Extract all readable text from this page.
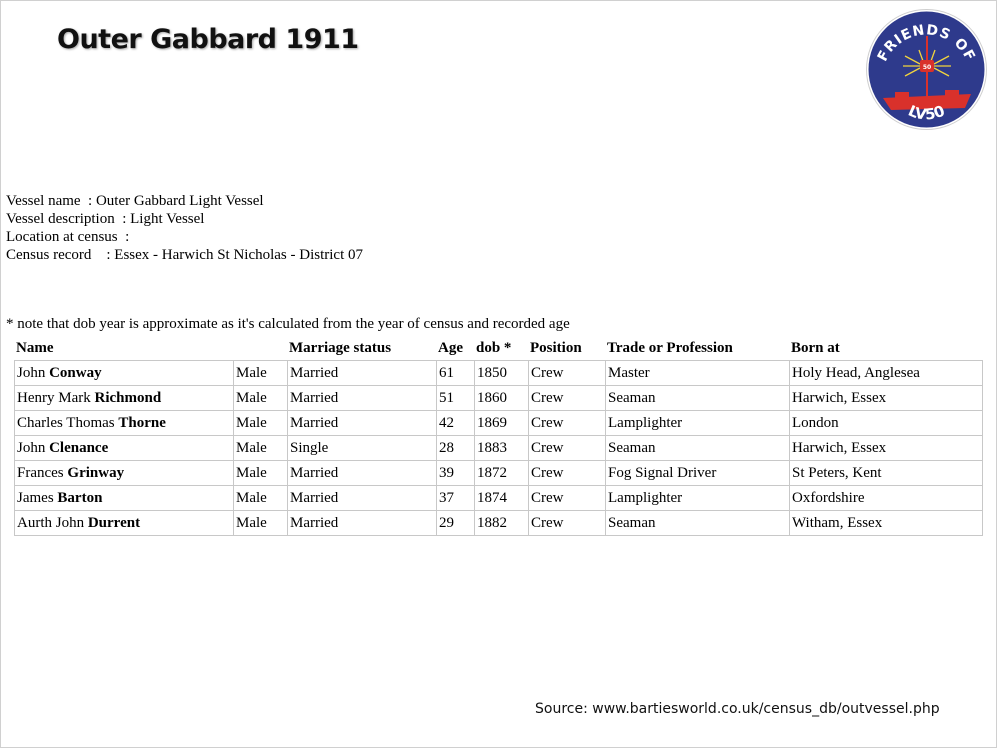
Outer Gabbard 1911
FRIENDS OF
50
LV50
Vessel name  : Outer Gabbard Light Vessel
Vessel description  : Light Vessel
Location at census  :
Census record    : Essex - Harwich St Nicholas - District 07
* note that dob year is approximate as it's calculated from the year of census and recorded age
Name		Marriage status	Age	dob *	Position	Trade or Profession	Born at
John Conway	Male	Married	61	1850	Crew	Master	Holy Head, Anglesea
Henry Mark Richmond	Male	Married	51	1860	Crew	Seaman	Harwich, Essex
Charles Thomas Thorne	Male	Married	42	1869	Crew	Lamplighter	London
John Clenance	Male	Single	28	1883	Crew	Seaman	Harwich, Essex
Frances Grinway	Male	Married	39	1872	Crew	Fog Signal Driver	St Peters, Kent
James Barton	Male	Married	37	1874	Crew	Lamplighter	Oxfordshire
Aurth John Durrent	Male	Married	29	1882	Crew	Seaman	Witham, Essex
Source: www.bartiesworld.co.uk/census_db/outvessel.php
